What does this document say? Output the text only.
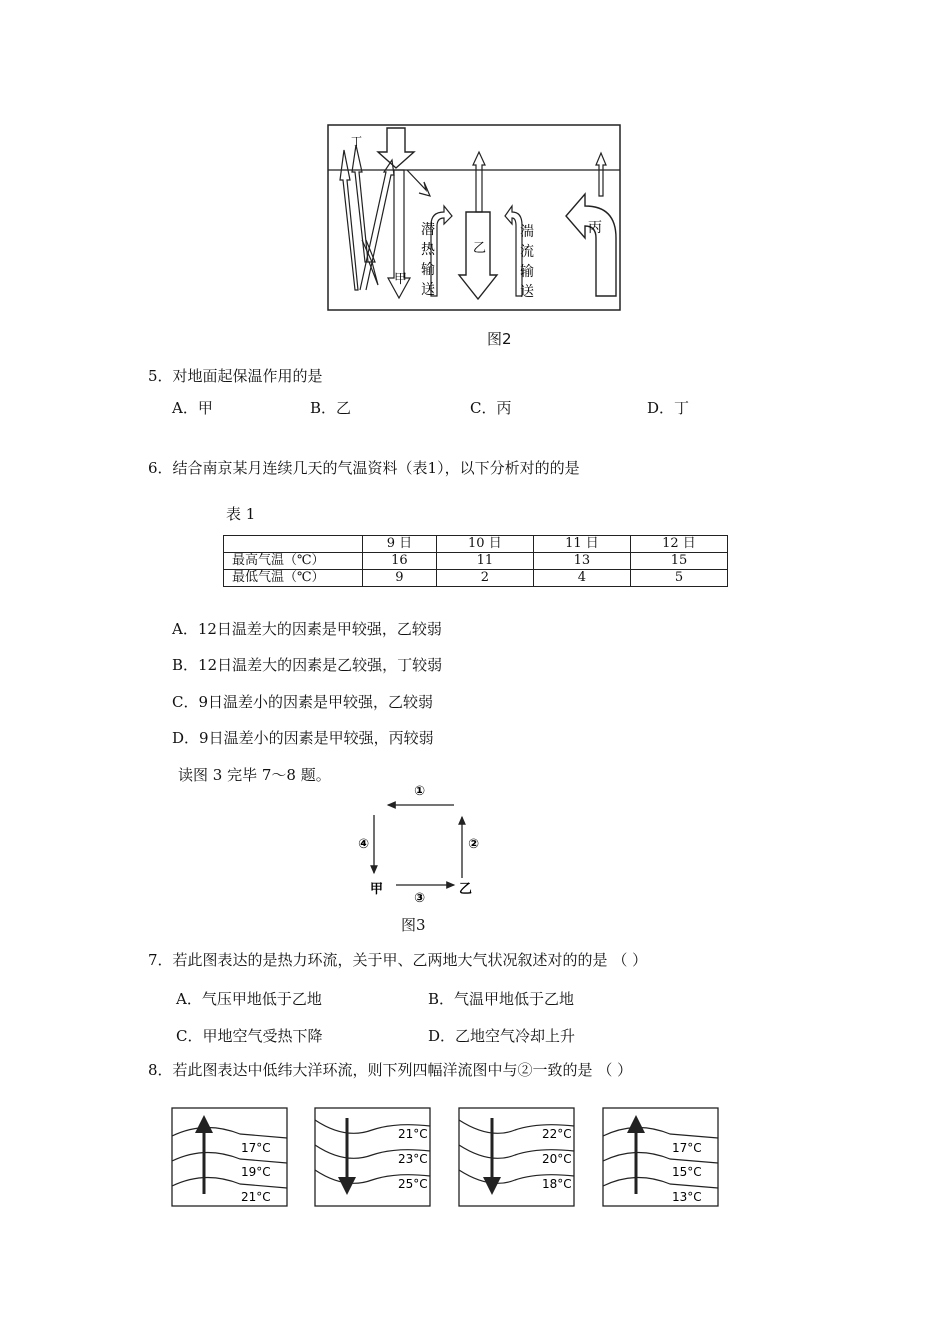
丁
甲
乙
丙
潜
热
输
送
湍
流
输
送
图2
5．对地面起保温作用的是
A．甲	B．乙	C．丙	D．丁
6．结合南京某月连续几天的气温资料（表1），以下分析对的的是
表 1
	9 日	10 日	11 日	12 日
最高气温（℃）	16	11	13	15
最低气温（℃）	9	2	4	5
A．12日温差大的因素是甲较强，乙较弱
B．12日温差大的因素是乙较强，丁较弱
C．9日温差小的因素是甲较强，乙较弱
D．9日温差小的因素是甲较强，丙较弱
读图 3 完毕 7～8 题。
①
②
③
④
甲	乙
图3
7．若此图表达的是热力环流，关于甲、乙两地大气状况叙述对的的是 （ ）
A．气压甲地低于乙地	B．气温甲地低于乙地
C．甲地空气受热下降	D．乙地空气冷却上升
8．若此图表达中低纬大洋环流，则下列四幅洋流图中与②一致的是 （ ）
17°C
19°C
21°C
21°C
23°C
25°C
22°C
20°C
18°C
17°C
15°C
13°C
